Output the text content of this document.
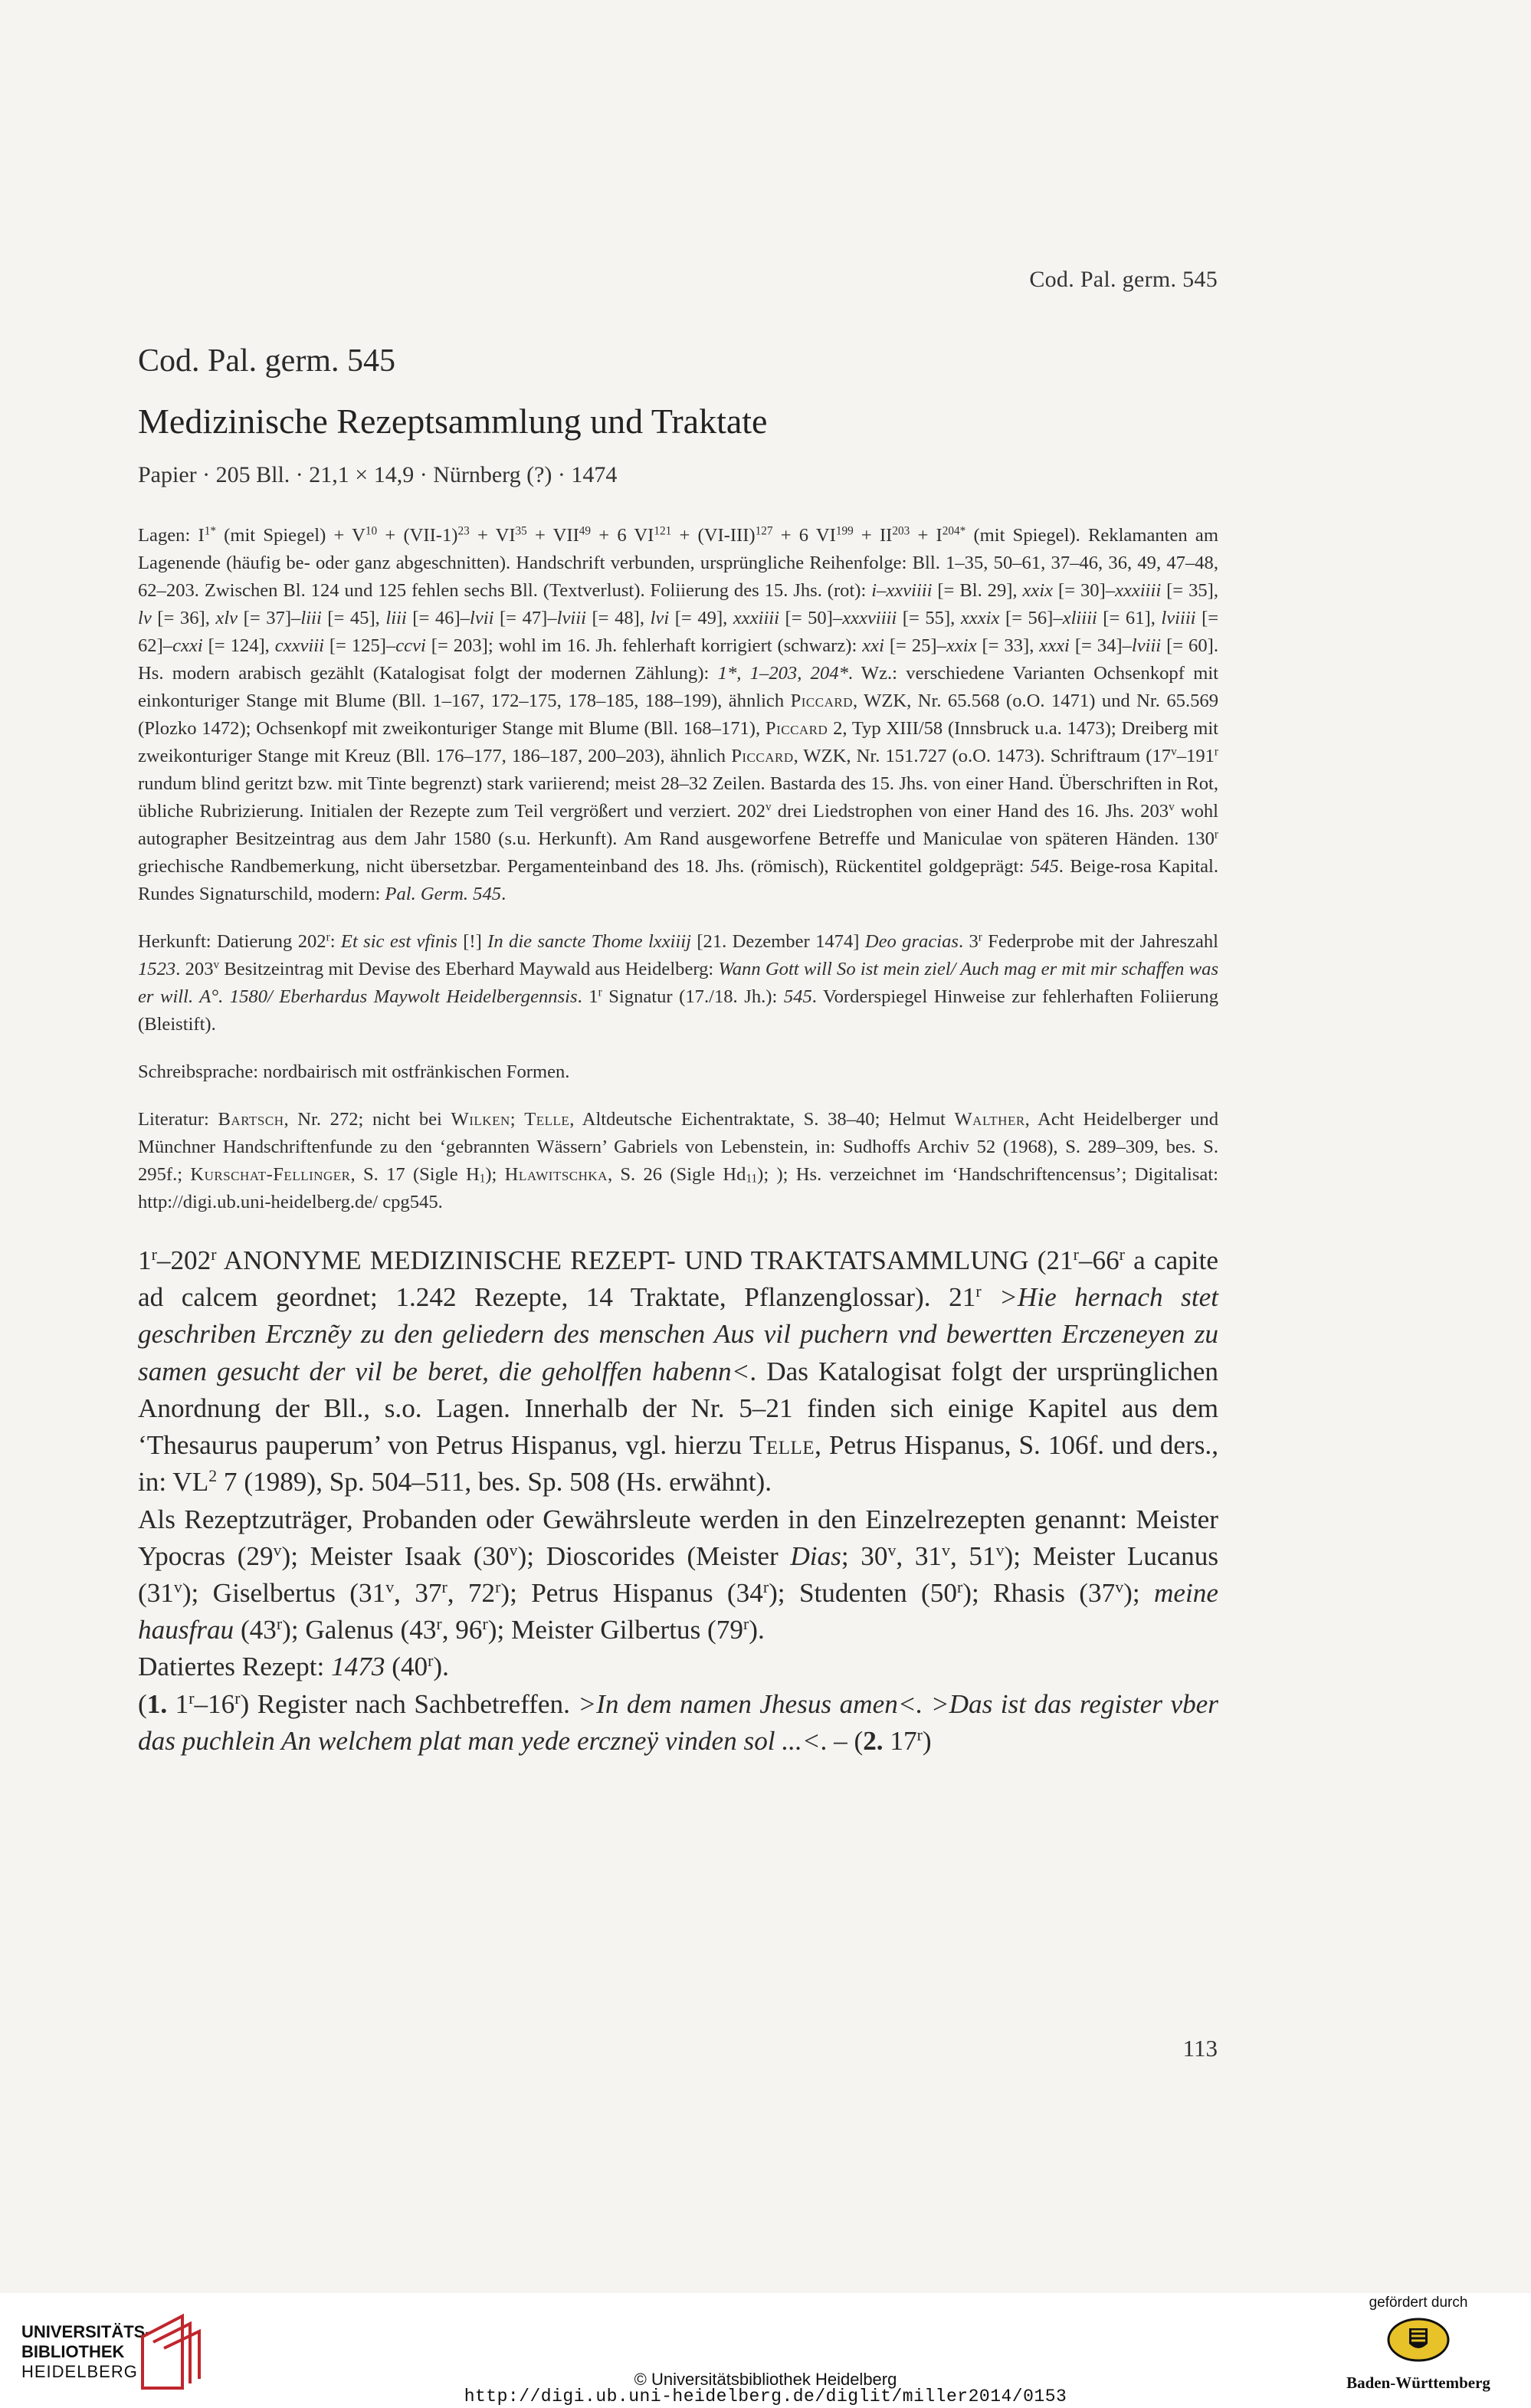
Cod. Pal. germ. 545
Cod. Pal. germ. 545
Medizinische Rezeptsammlung und Traktate
Papier · 205 Bll. · 21,1 × 14,9 · Nürnberg (?) · 1474

Lagen: $I^{1*}$ (mit Spiegel) + $V^{10} + (VII-1)^{23} + VI^{35} + VII^{49} + 6$ $VI^{121} + (VI-III)^{127} + 6$ $VI^{199} + II^{203} + I^{204*}$ (mit Spiegel). Reklamanten am Lagenende (häufig be- oder ganz abgeschnitten). Handschrift verbunden, ursprüngliche Reihenfolge: Bll. 1–35, 50–61, 37–46, 36, 49, 47–48, 62–203. Zwischen Bl. 124 und 125 fehlen sechs Bll. (Textverlust). Foliierung des 15. Jhs. (rot): i–xxviiii [= Bl. 29], xxix [= 30]–xxxiiii [= 35], lv [= 36], xlv [= 37]–liii [= 45], liii [= 46]–lvii [= 47]–lviii [= 48], lvi [= 49], xxxiiii [= 50]–xxxviiii [= 55], xxxix [= 56]–xliiii [= 61], lviiii [= 62]–cxxi [= 124], cxxviii [= 125]–ccvi [= 203]; wohl im 16. Jh. fehlerhaft korrigiert (schwarz): xxi [= 25]–xxix [= 33], xxxi [= 34]–lviii [= 60]. Hs. modern arabisch gezählt (Katalogisat folgt der modernen Zählung): 1*, 1–203, 204*. Wz.: verschiedene Varianten Ochsenkopf mit einkonturiger Stange mit Blume (Bll. 1–167, 172–175, 178–185, 188–199), ähnlich Piccard, WZK, Nr. 65.568 (o.O. 1471) und Nr. 65.569 (Plozko 1472); Ochsenkopf mit zweikonturiger Stange mit Blume (Bll. 168–171), Piccard 2, Typ XIII/58 (Innsbruck u.a. 1473); Dreiberg mit zweikonturiger Stange mit Kreuz (Bll. 176–177, 186–187, 200–203), ähnlich Piccard, WZK, Nr. 151.727 (o.O. 1473). Schriftraum (17$^v$–191$^r$ rundum blind geritzt bzw. mit Tinte begrenzt) stark variierend; meist 28–32 Zeilen. Bastarda des 15. Jhs. von einer Hand. Überschriften in Rot, übliche Rubrizierung. Initialen der Rezepte zum Teil vergrößert und verziert. 202$^v$ drei Liedstrophen von einer Hand des 16. Jhs. 203$^v$ wohl autographer Besitzeintrag aus dem Jahr 1580 (s.u. Herkunft). Am Rand ausgeworfene Betreffe und Maniculae von späteren Händen. 130$^r$ griechische Randbemerkung, nicht übersetzbar. Pergamenteinband des 18. Jhs. (römisch), Rückentitel goldgeprägt: 545. Beige-rosa Kapital. Rundes Signaturschild, modern: Pal. Germ. 545.

Herkunft: Datierung 202$^r$: Et sic est vfinis [!] In die sancte Thome lxxiiij [21. Dezember 1474] Deo gracias. 3$^r$ Federprobe mit der Jahreszahl 1523. 203$^v$ Besitzeintrag mit Devise des Eberhard Maywald aus Heidelberg: Wann Gott will So ist mein ziel/ Auch mag er mit mir schaffen was er will. A°. 1580/ Eberhardus Maywolt Heidelbergennsis. 1$^r$ Signatur (17./18. Jh.): 545. Vorderspiegel Hinweise zur fehlerhaften Foliierung (Bleistift).

Schreibsprache: nordbairisch mit ostfränkischen Formen.

Literatur: Bartsch, Nr. 272; nicht bei Wilken; Telle, Altdeutsche Eichentraktate, S. 38–40; Helmut Walther, Acht Heidelberger und Münchner Handschriftenfunde zu den ‘gebrannten Wässern’ Gabriels von Lebenstein, in: Sudhoffs Archiv 52 (1968), S. 289–309, bes. S. 295f.; Kurschat-Fellinger, S. 17 (Sigle $H_1$); Hlawitschka, S. 26 (Sigle $Hd_{11}$); ); Hs. verzeichnet im ‘Handschriftencensus’; Digitalisat: http://digi.ub.uni-heidelberg.de/ cpg545.

1$^r$–202$^r$ ANONYME MEDIZINISCHE REZEPT- UND TRAKTATSAMMLUNG (21$^r$–66$^r$ a capite ad calcem geordnet; 1.242 Rezepte, 14 Traktate, Pflanzenglossar). $21^r >Hie$ hernach stet geschriben Ercznẽy zu den geliedern des menschen Aus vil puchern vnd bewertten Erczeneyen zu samen gesucht der vil be beret, die geholffen habenn<. Das Katalogisat folgt der ursprünglichen Anordnung der Bll., s.o. Lagen. Innerhalb der Nr. 5–21 finden sich einige Kapitel aus dem ‘Thesaurus pauperum’ von Petrus Hispanus, vgl. hierzu Telle, Petrus Hispanus, S. 106f. und ders., in: $VL^2$ 7 (1989), Sp. 504–511, bes. Sp. 508 (Hs. erwähnt).

Als Rezeptzuträger, Probanden oder Gewährsleute werden in den Einzelrezepten genannt: Meister Ypocras (29$^v$); Meister Isaak (30$^v$); Dioscorides (Meister Dias; 30$^v$, 31$^v$, 51$^v$); Meister Lucanus (31$^v$); Giselbertus (31$^v$, 37$^r$, 72$^r$); Petrus Hispanus (34$^r$); Studenten (50$^r$); Rhasis (37$^v$); meine hausfrau (43$^r$); Galenus (43$^r$, 96$^r$); Meister Gilbertus (79$^r$).

Datiertes Rezept: 1473 (40$^r$).

(1. 1$^r$–16$^r$) Register nach Sachbetreffen. >In dem namen Jhesus amen<. >Das ist das register vber das puchlein An welchem plat man yede erczneÿ vinden sol ...<. – (2. 17$^r$)

113
UNIVERSITÄTS-
BIBLIOTHEK
HEIDELBERG	© Universitätsbibliothek Heidelberg
http://digi.ub.uni-heidelberg.de/diglit/miller2014/0153
gefördert durch
Baden-Württemberg
